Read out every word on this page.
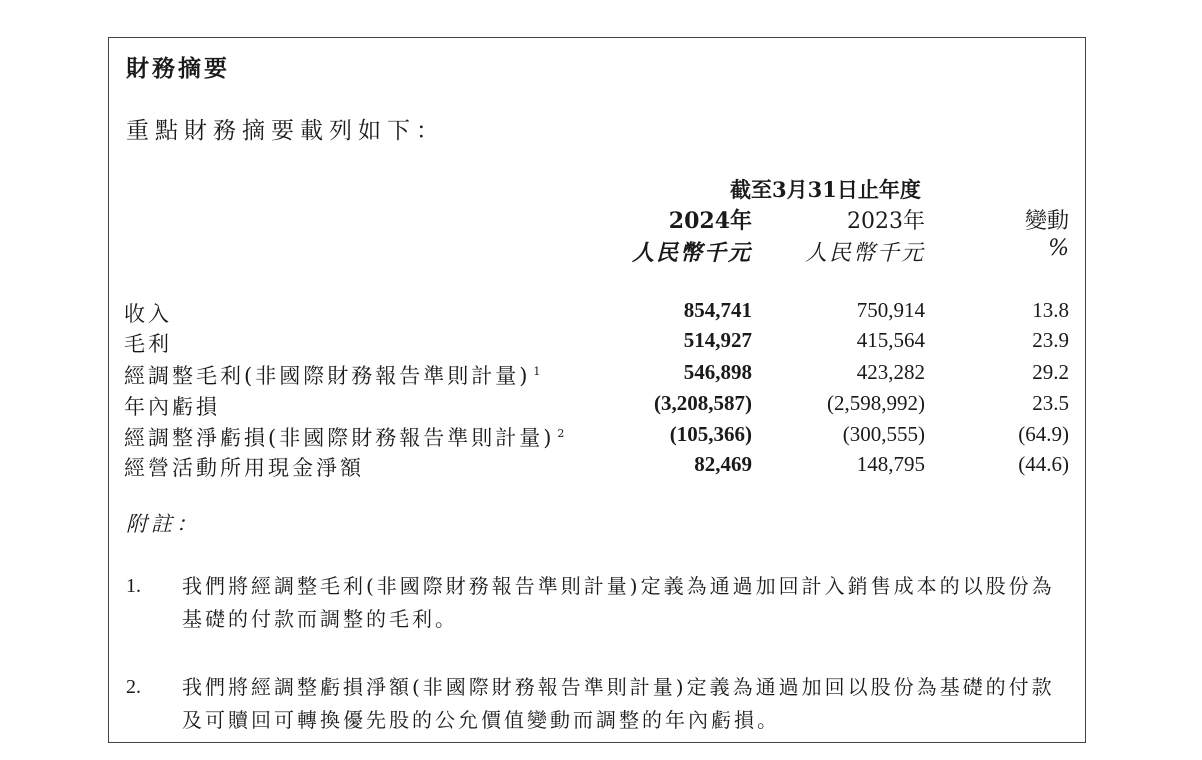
財務摘要
重點財務摘要載列如下：
截至3月31日止年度
2024年	2023年	變動
人民幣千元 人民幣千元	%
收入	854,741	750,914	13.8
毛利	514,927	415,564	23.9
經調整毛利(非國際財務報告準則計量) $^1$	546,898	423,282	29.2
年內虧損	(3,208,587)	(2,598,992)	23.5
經調整淨虧損(非國際財務報告準則計量) $^2$	(105,366)	(300,555)	(64.9)
經營活動所用現金淨額	82,469	148,795	(44.6)
附註：
1. 我們將經調整毛利(非國際財務報告準則計量)定義為通過加回計入銷售成本的以股份為基礎的付款而調整的毛利。
2. 我們將經調整虧損淨額(非國際財務報告準則計量)定義為通過加回以股份為基礎的付款及可贖回可轉換優先股的公允價值變動而調整的年內虧損。
